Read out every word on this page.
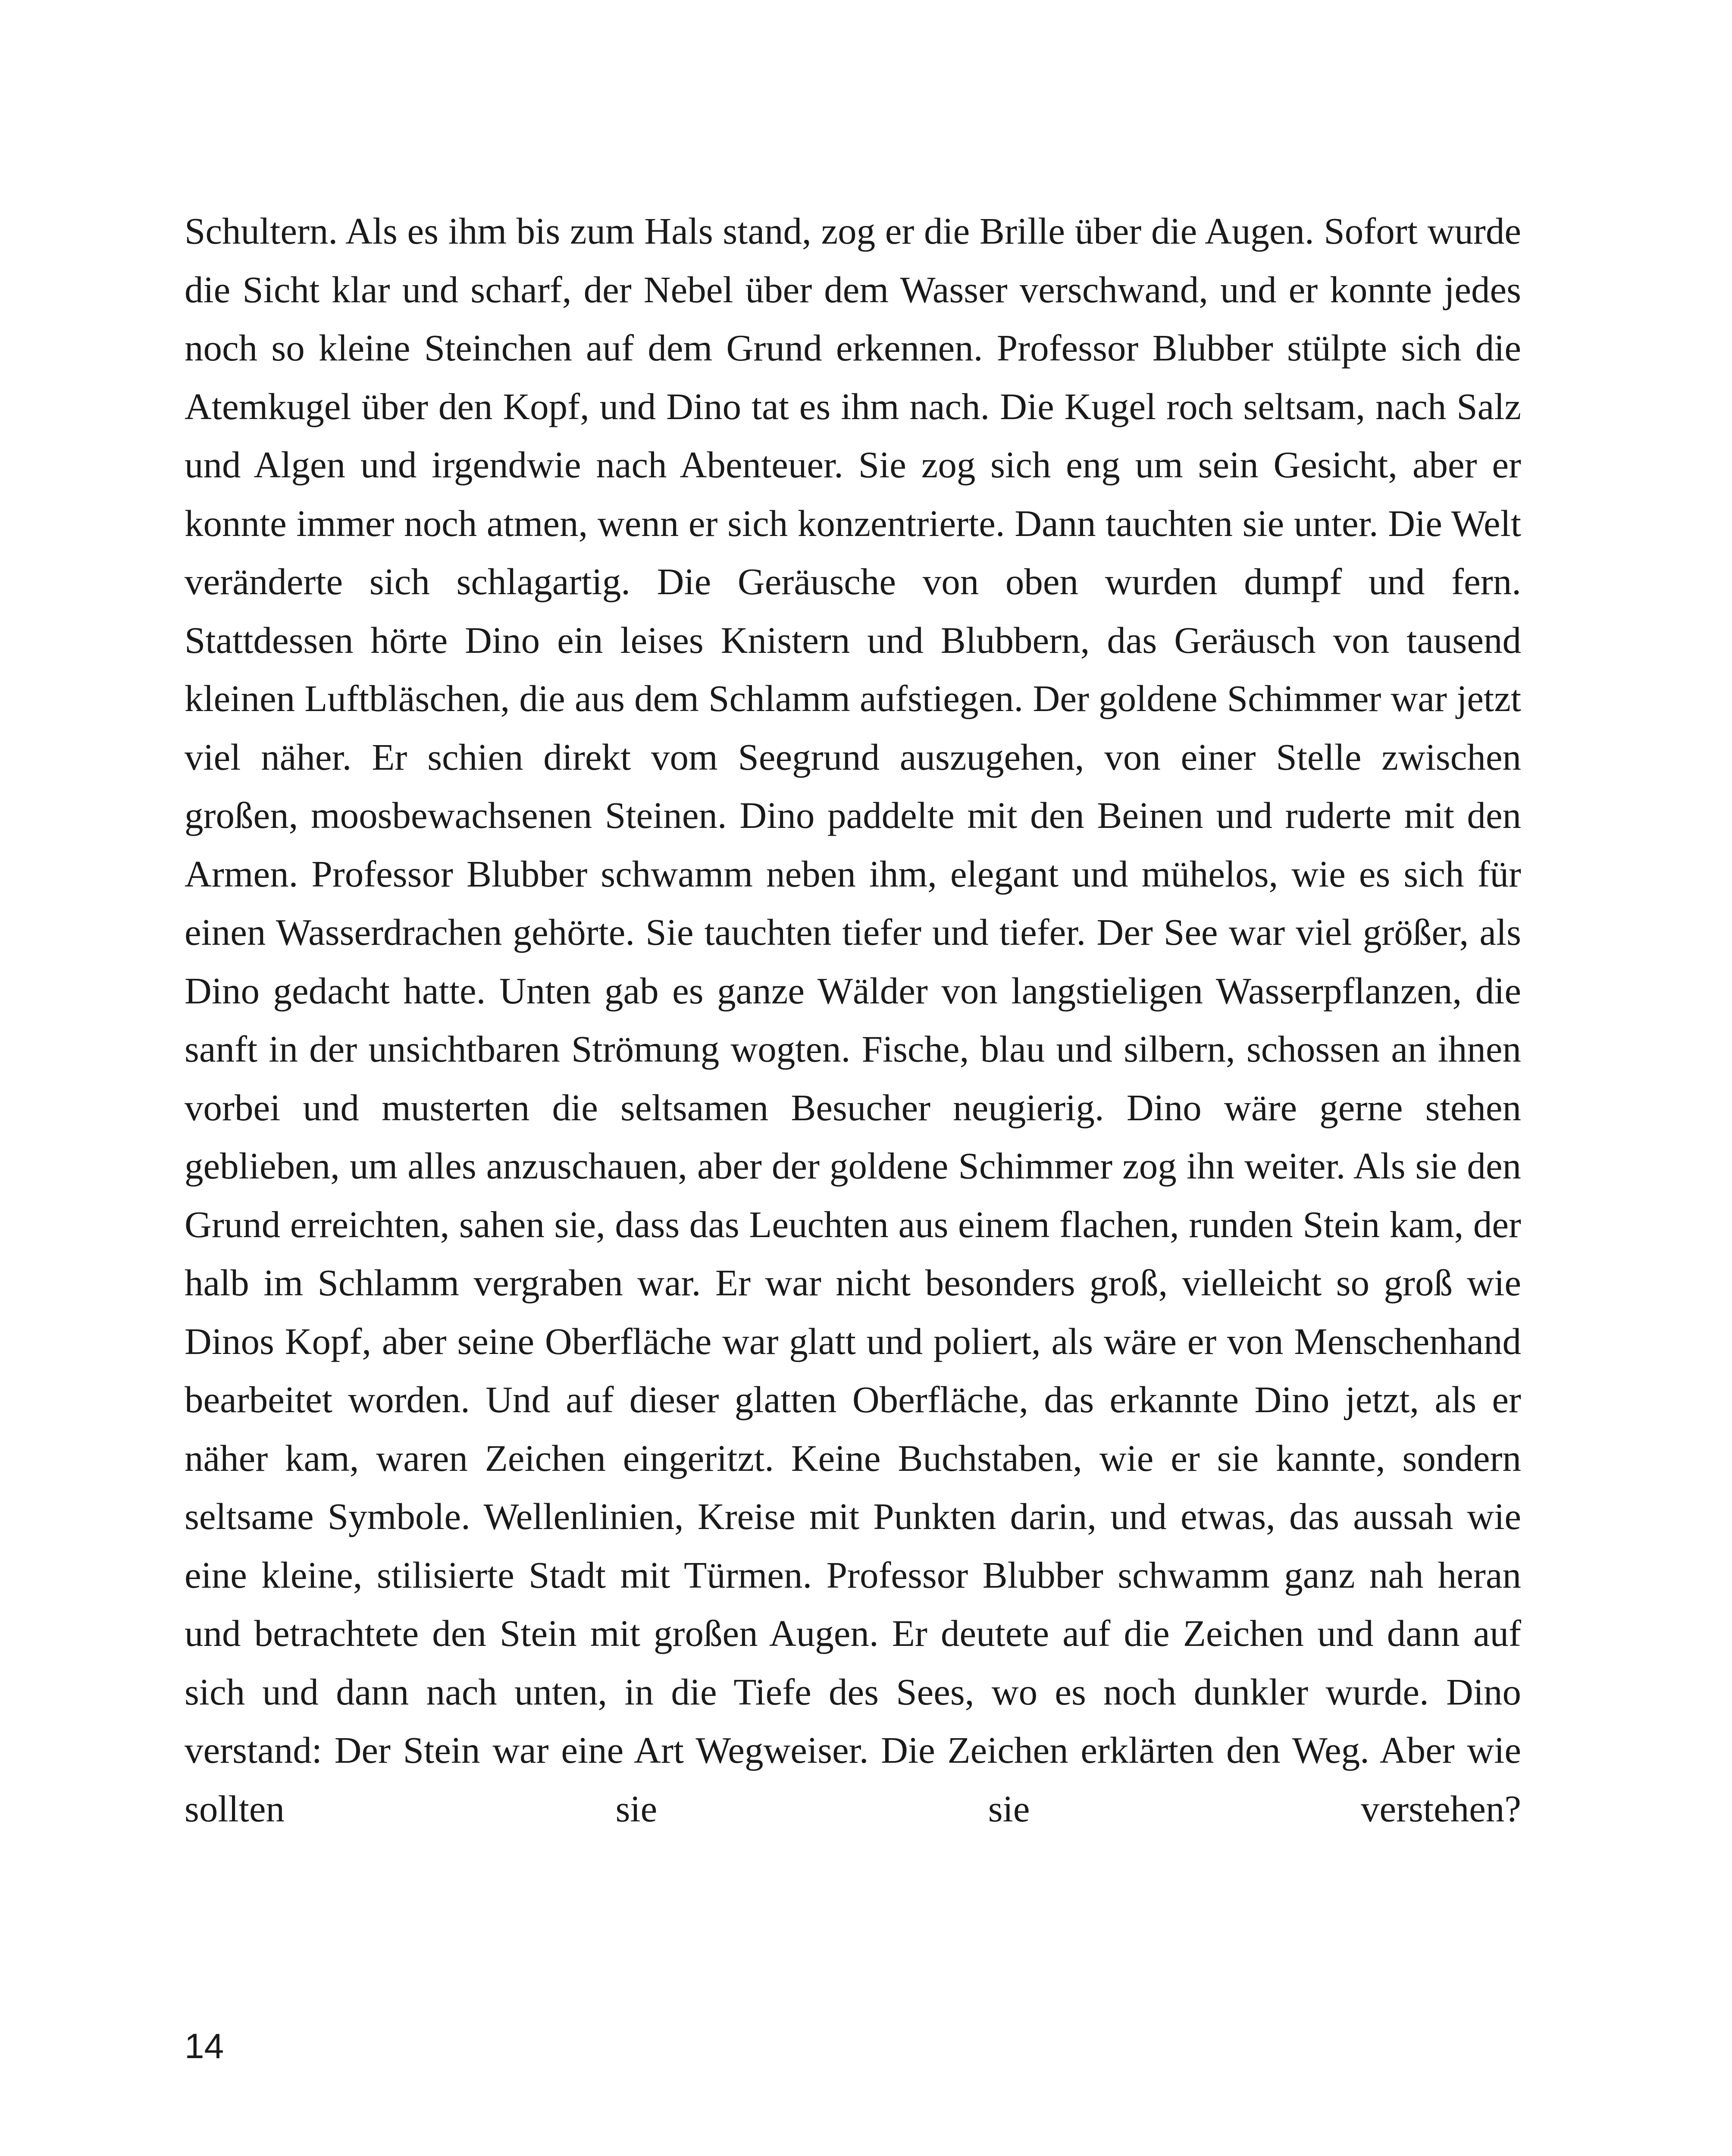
Schultern. Als es ihm bis zum Hals stand, zog er die Brille über die Augen. Sofort wurde die Sicht klar und scharf, der Nebel über dem Wasser verschwand, und er konnte jedes noch so kleine Steinchen auf dem Grund erkennen. Professor Blubber stülpte sich die Atemkugel über den Kopf, und Dino tat es ihm nach. Die Kugel roch seltsam, nach Salz und Algen und irgendwie nach Abenteuer. Sie zog sich eng um sein Gesicht, aber er konnte immer noch atmen, wenn er sich konzentrierte. Dann tauchten sie unter. Die Welt veränderte sich schlagartig. Die Geräusche von oben wurden dumpf und fern. Stattdessen hörte Dino ein leises Knistern und Blubbern, das Geräusch von tausend kleinen Luftbläschen, die aus dem Schlamm aufstiegen. Der goldene Schimmer war jetzt viel näher. Er schien direkt vom Seegrund auszugehen, von einer Stelle zwischen großen, moosbewachsenen Steinen. Dino paddelte mit den Beinen und ruderte mit den Armen. Professor Blubber schwamm neben ihm, elegant und mühelos, wie es sich für einen Wasserdrachen gehörte. Sie tauchten tiefer und tiefer. Der See war viel größer, als Dino gedacht hatte. Unten gab es ganze Wälder von langstieligen Wasserpflanzen, die sanft in der unsichtbaren Strömung wogten. Fische, blau und silbern, schossen an ihnen vorbei und musterten die seltsamen Besucher neugierig. Dino wäre gerne stehen geblieben, um alles anzuschauen, aber der goldene Schimmer zog ihn weiter. Als sie den Grund erreichten, sahen sie, dass das Leuchten aus einem flachen, runden Stein kam, der halb im Schlamm vergraben war. Er war nicht besonders groß, vielleicht so groß wie Dinos Kopf, aber seine Oberfläche war glatt und poliert, als wäre er von Menschenhand bearbeitet worden. Und auf dieser glatten Oberfläche, das erkannte Dino jetzt, als er näher kam, waren Zeichen eingeritzt. Keine Buchstaben, wie er sie kannte, sondern seltsame Symbole. Wellenlinien, Kreise mit Punkten darin, und etwas, das aussah wie eine kleine, stilisierte Stadt mit Türmen. Professor Blubber schwamm ganz nah heran und betrachtete den Stein mit großen Augen. Er deutete auf die Zeichen und dann auf sich und dann nach unten, in die Tiefe des Sees, wo es noch dunkler wurde. Dino verstand: Der Stein war eine Art Wegweiser. Die Zeichen erklärten den Weg. Aber wie sollten sie sie verstehen?

14
